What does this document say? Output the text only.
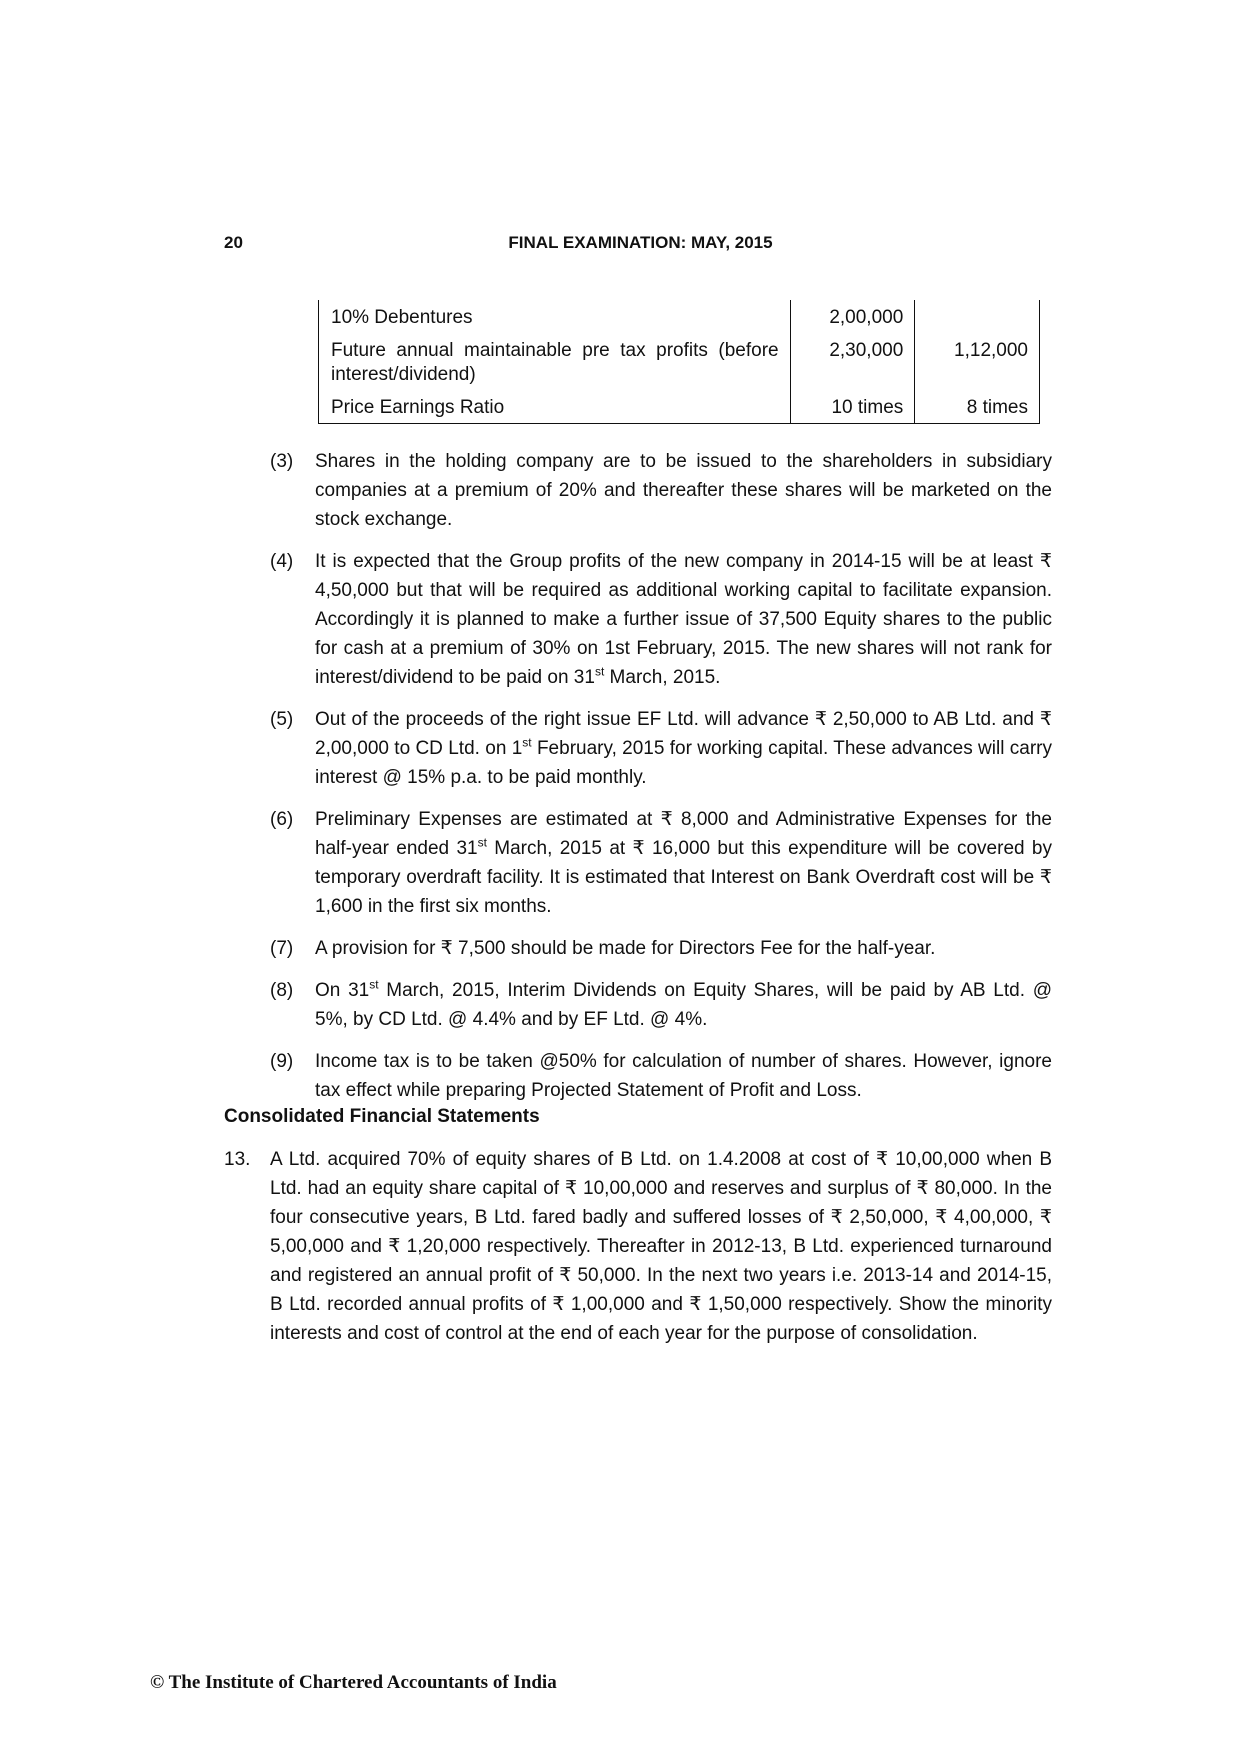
20	FINAL EXAMINATION: MAY, 2015
10% Debentures	2,00,000	
Future annual maintainable pre tax profits (before interest/dividend)	2,30,000	1,12,000
Price Earnings Ratio	10 times	8 times
(3)	Shares in the holding company are to be issued to the shareholders in subsidiary companies at a premium of 20% and thereafter these shares will be marketed on the stock exchange.
(4)	It is expected that the Group profits of the new company in 2014-15 will be at least ₹ 4,50,000 but that will be required as additional working capital to facilitate expansion. Accordingly it is planned to make a further issue of 37,500 Equity shares to the public for cash at a premium of 30% on 1st February, 2015. The new shares will not rank for interest/dividend to be paid on 31st March, 2015.
(5)	Out of the proceeds of the right issue EF Ltd. will advance ₹ 2,50,000 to AB Ltd. and ₹ 2,00,000 to CD Ltd. on 1st February, 2015 for working capital. These advances will carry interest @ 15% p.a. to be paid monthly.
(6)	Preliminary Expenses are estimated at ₹ 8,000 and Administrative Expenses for the half-year ended 31st March, 2015 at ₹ 16,000 but this expenditure will be covered by temporary overdraft facility. It is estimated that Interest on Bank Overdraft cost will be ₹ 1,600 in the first six months.
(7)	A provision for ₹ 7,500 should be made for Directors Fee for the half-year.
(8)	On 31st March, 2015, Interim Dividends on Equity Shares, will be paid by AB Ltd. @ 5%, by CD Ltd. @ 4.4% and by EF Ltd. @ 4%.
(9)	Income tax is to be taken @50% for calculation of number of shares. However, ignore tax effect while preparing Projected Statement of Profit and Loss.
Consolidated Financial Statements
13.	A Ltd. acquired 70% of equity shares of B Ltd. on 1.4.2008 at cost of ₹ 10,00,000 when B Ltd. had an equity share capital of ₹ 10,00,000 and reserves and surplus of ₹ 80,000. In the four consecutive years, B Ltd. fared badly and suffered losses of ₹ 2,50,000, ₹ 4,00,000, ₹ 5,00,000 and ₹ 1,20,000 respectively. Thereafter in 2012-13, B Ltd. experienced turnaround and registered an annual profit of ₹ 50,000. In the next two years i.e. 2013-14 and 2014-15, B Ltd. recorded annual profits of ₹ 1,00,000 and ₹ 1,50,000 respectively. Show the minority interests and cost of control at the end of each year for the purpose of consolidation.
© The Institute of Chartered Accountants of India
